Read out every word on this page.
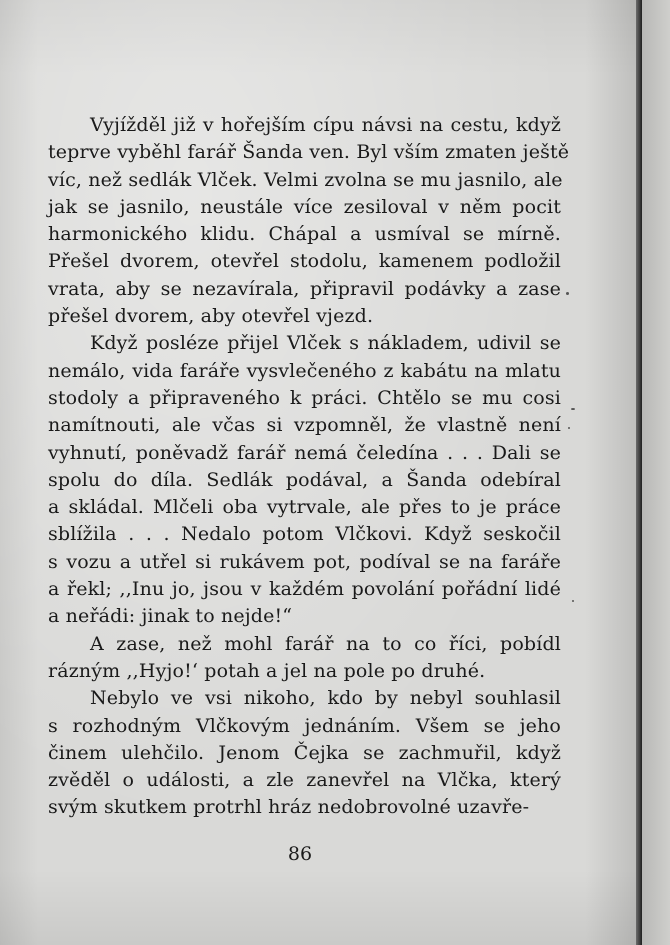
Vyjížděl již v hořejším cípu návsi na cestu, když
teprve vyběhl farář Šanda ven. Byl vším zmaten ještě
víc, než sedlák Vlček. Velmi zvolna se mu jasnilo, ale
jak se jasnilo, neustále více zesiloval v něm pocit
harmonického klidu. Chápal a usmíval se mírně.
Přešel dvorem, otevřel stodolu, kamenem podložil
vrata, aby se nezavírala, připravil podávky a zase
přešel dvorem, aby otevřel vjezd.
Když posléze přijel Vlček s nákladem, udivil se
nemálo, vida faráře vysvlečeného z kabátu na mlatu
stodoly a připraveného k práci. Chtělo se mu cosi
namítnouti, ale včas si vzpomněl, že vlastně není
vyhnutí, poněvadž farář nemá čeledína . . . Dali se
spolu do díla. Sedlák podával, a Šanda odebíral
a skládal. Mlčeli oba vytrvale, ale přes to je práce
sblížila . . . Nedalo potom Vlčkovi. Když seskočil
s vozu a utřel si rukávem pot, podíval se na faráře
a řekl; ,,Inu jo, jsou v každém povolání pořádní lidé
a neřádi: jinak to nejde!“
A zase, než mohl farář na to co říci, pobídl
rázným ,,Hyjo!‘ potah a jel na pole po druhé.
Nebylo ve vsi nikoho, kdo by nebyl souhlasil
s rozhodným Vlčkovým jednáním. Všem se jeho
činem ulehčilo. Jenom Čejka se zachmuřil, když
zvěděl o události, a zle zanevřel na Vlčka, který
svým skutkem protrhl hráz nedobrovolné uzavře-
86
